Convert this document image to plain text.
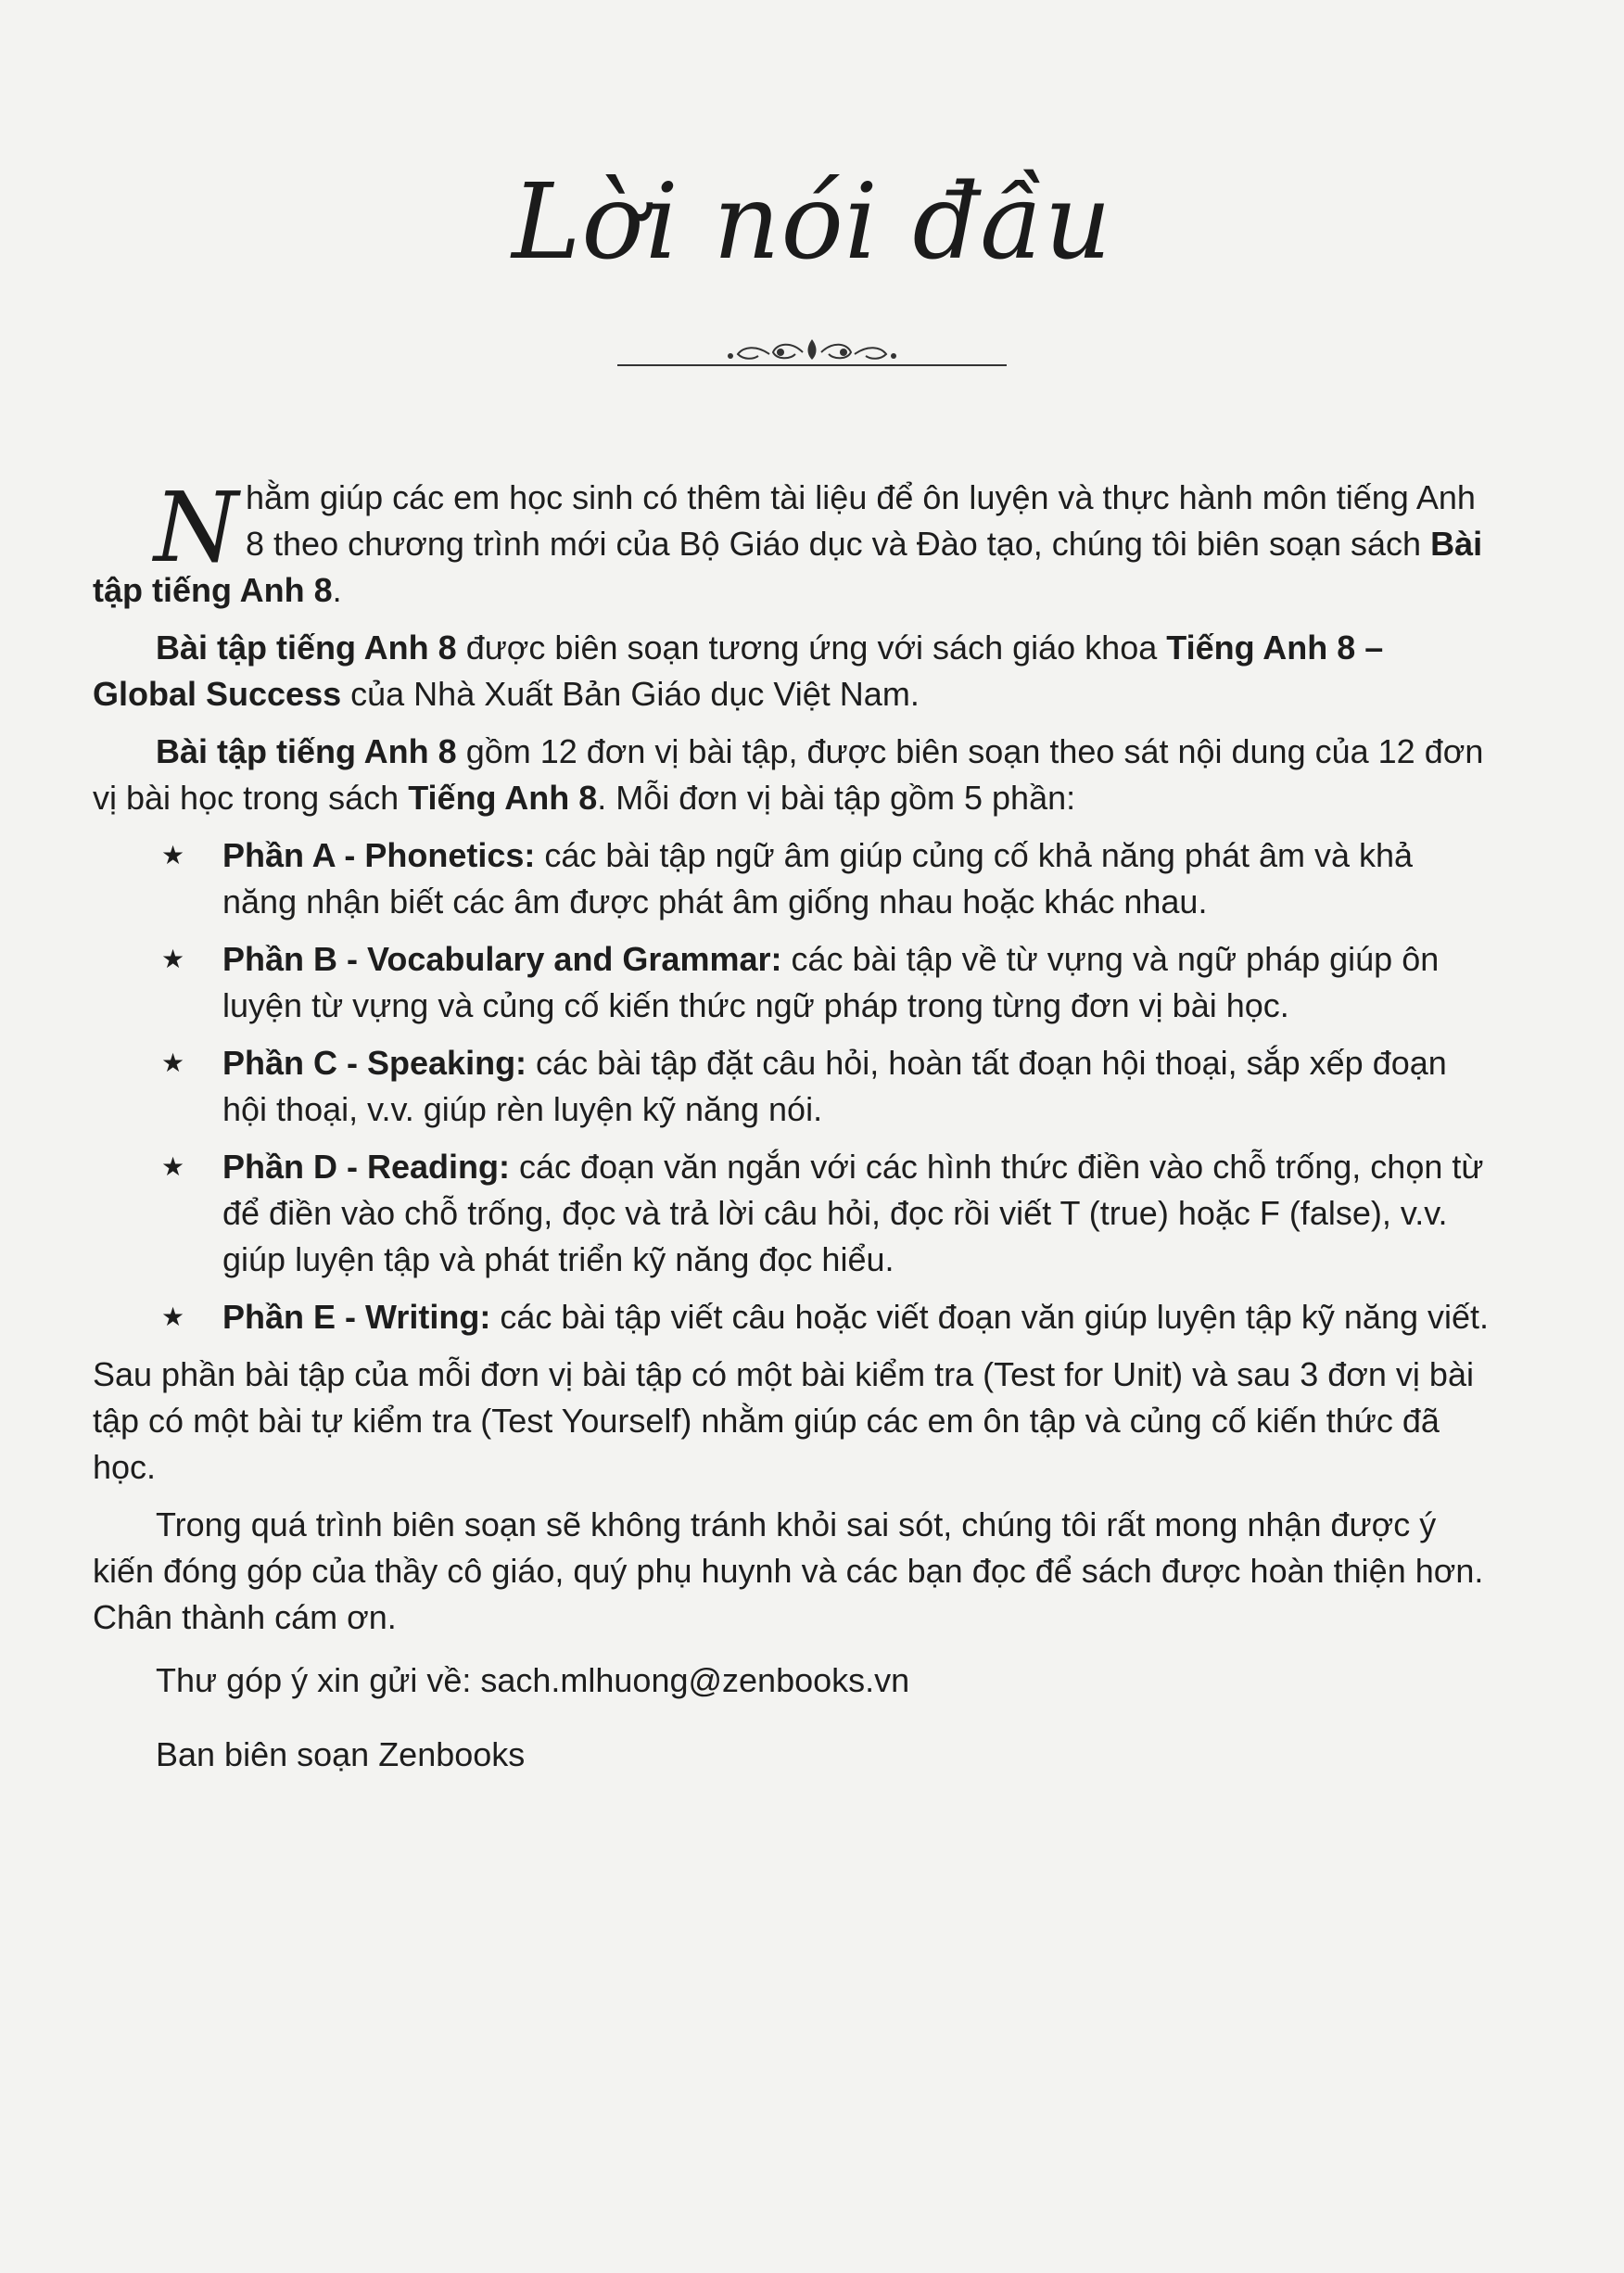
Lời nói đầu

Nhằm giúp các em học sinh có thêm tài liệu để ôn luyện và thực hành môn tiếng Anh 8 theo chương trình mới của Bộ Giáo dục và Đào tạo, chúng tôi biên soạn sách Bài tập tiếng Anh 8.

Bài tập tiếng Anh 8 được biên soạn tương ứng với sách giáo khoa Tiếng Anh 8 – Global Success của Nhà Xuất Bản Giáo dục Việt Nam.

Bài tập tiếng Anh 8 gồm 12 đơn vị bài tập, được biên soạn theo sát nội dung của 12 đơn vị bài học trong sách Tiếng Anh 8. Mỗi đơn vị bài tập gồm 5 phần:

★ Phần A - Phonetics: các bài tập ngữ âm giúp củng cố khả năng phát âm và khả năng nhận biết các âm được phát âm giống nhau hoặc khác nhau.
★ Phần B - Vocabulary and Grammar: các bài tập về từ vựng và ngữ pháp giúp ôn luyện từ vựng và củng cố kiến thức ngữ pháp trong từng đơn vị bài học.
★ Phần C - Speaking: các bài tập đặt câu hỏi, hoàn tất đoạn hội thoại, sắp xếp đoạn hội thoại, v.v. giúp rèn luyện kỹ năng nói.
★ Phần D - Reading: các đoạn văn ngắn với các hình thức điền vào chỗ trống, chọn từ để điền vào chỗ trống, đọc và trả lời câu hỏi, đọc rồi viết T (true) hoặc F (false), v.v. giúp luyện tập và phát triển kỹ năng đọc hiểu.
★ Phần E - Writing: các bài tập viết câu hoặc viết đoạn văn giúp luyện tập kỹ năng viết.

Sau phần bài tập của mỗi đơn vị bài tập có một bài kiểm tra (Test for Unit) và sau 3 đơn vị bài tập có một bài tự kiểm tra (Test Yourself) nhằm giúp các em ôn tập và củng cố kiến thức đã học.

Trong quá trình biên soạn sẽ không tránh khỏi sai sót, chúng tôi rất mong nhận được ý kiến đóng góp của thầy cô giáo, quý phụ huynh và các bạn đọc để sách được hoàn thiện hơn. Chân thành cám ơn.

Thư góp ý xin gửi về: sach.mlhuong@zenbooks.vn

Ban biên soạn Zenbooks
